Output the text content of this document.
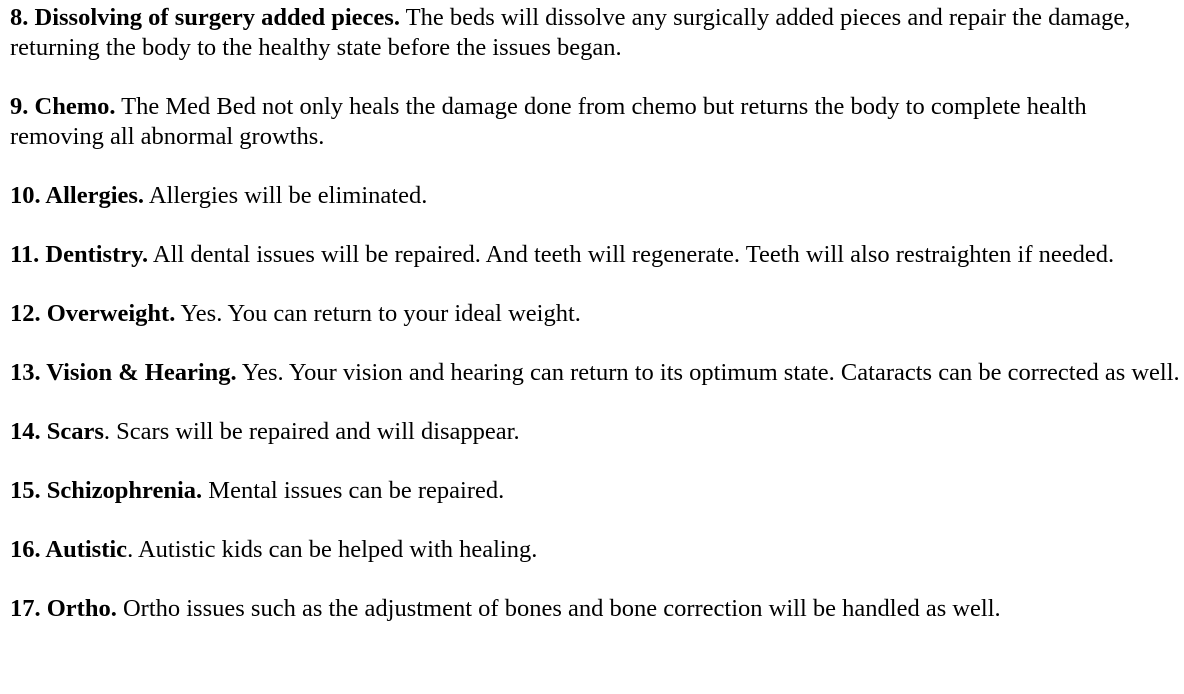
8. Dissolving of surgery added pieces. The beds will dissolve any surgically added pieces and repair the damage, returning the body to the healthy state before the issues began.

9. Chemo. The Med Bed not only heals the damage done from chemo but returns the body to complete health removing all abnormal growths.

10. Allergies. Allergies will be eliminated.

11. Dentistry. All dental issues will be repaired. And teeth will regenerate. Teeth will also restraighten if needed.

12. Overweight. Yes. You can return to your ideal weight.

13. Vision & Hearing. Yes. Your vision and hearing can return to its optimum state. Cataracts can be corrected as well.

14. Scars. Scars will be repaired and will disappear.

15. Schizophrenia. Mental issues can be repaired.

16. Autistic. Autistic kids can be helped with healing.

17. Ortho. Ortho issues such as the adjustment of bones and bone correction will be handled as well.
